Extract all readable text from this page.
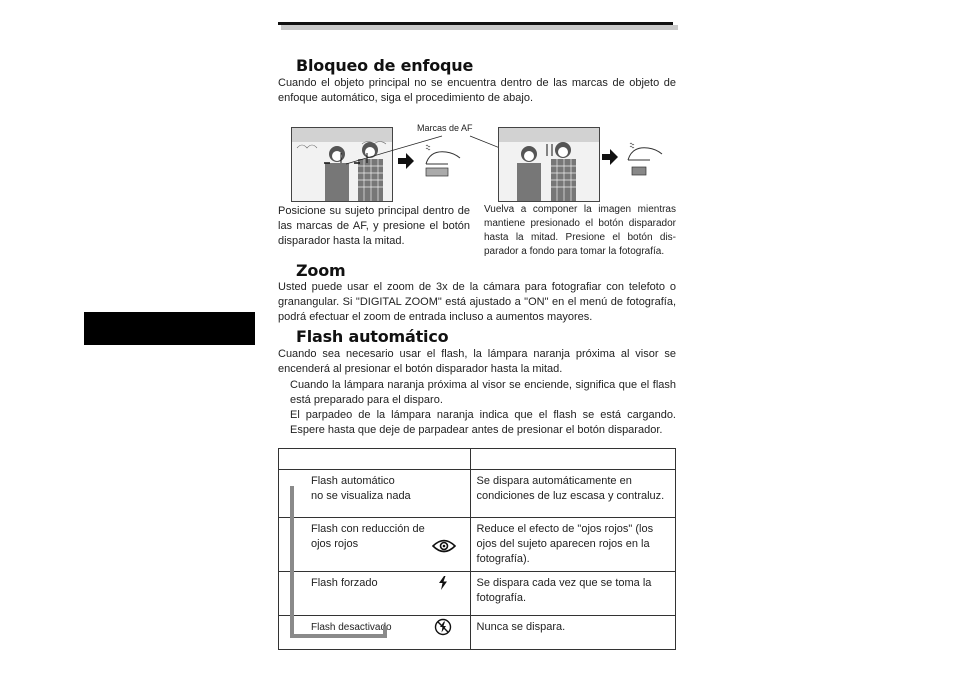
Bloqueo de enfoque

Cuando el objeto principal no se encuentra dentro de las marcas de objeto de enfoque automático, siga el procedimiento de abajo.

Marcas de AF

Posicione su sujeto principal dentro de las marcas de AF, y presione el botón disparador hasta la mitad.

Vuelva a componer la imagen mientras mantiene presionado el botón disparador hasta la mitad. Presione el botón dis- parador a fondo para tomar la fotografía.

Zoom

Usted puede usar el zoom de 3x de la cámara para fotografiar con telefoto o granangular. Si "DIGITAL ZOOM" está ajustado a "ON" en el menú de fotografía, podrá efectuar el zoom de entrada incluso a aumentos mayores.

Flash automático

Cuando sea necesario usar el flash, la lámpara naranja próxima al visor se encenderá al presionar el botón disparador hasta la mitad.

Cuando la lámpara naranja próxima al visor se enciende, significa que el flash está preparado para el disparo.

El parpadeo de la lámpara naranja indica que el flash se está cargando. Espere hasta que deje de parpadear antes de presionar el botón disparador.

Flash automático
no se visualiza nada	Se dispara automáticamente en condiciones de luz escasa y contraluz.

Flash con reducción de
ojos rojos	Reduce el efecto de "ojos rojos" (los ojos del sujeto aparecen rojos en la fotografía).

Flash forzado	Se dispara cada vez que se toma la fotografía.

Flash desactivado	Nunca se dispara.
